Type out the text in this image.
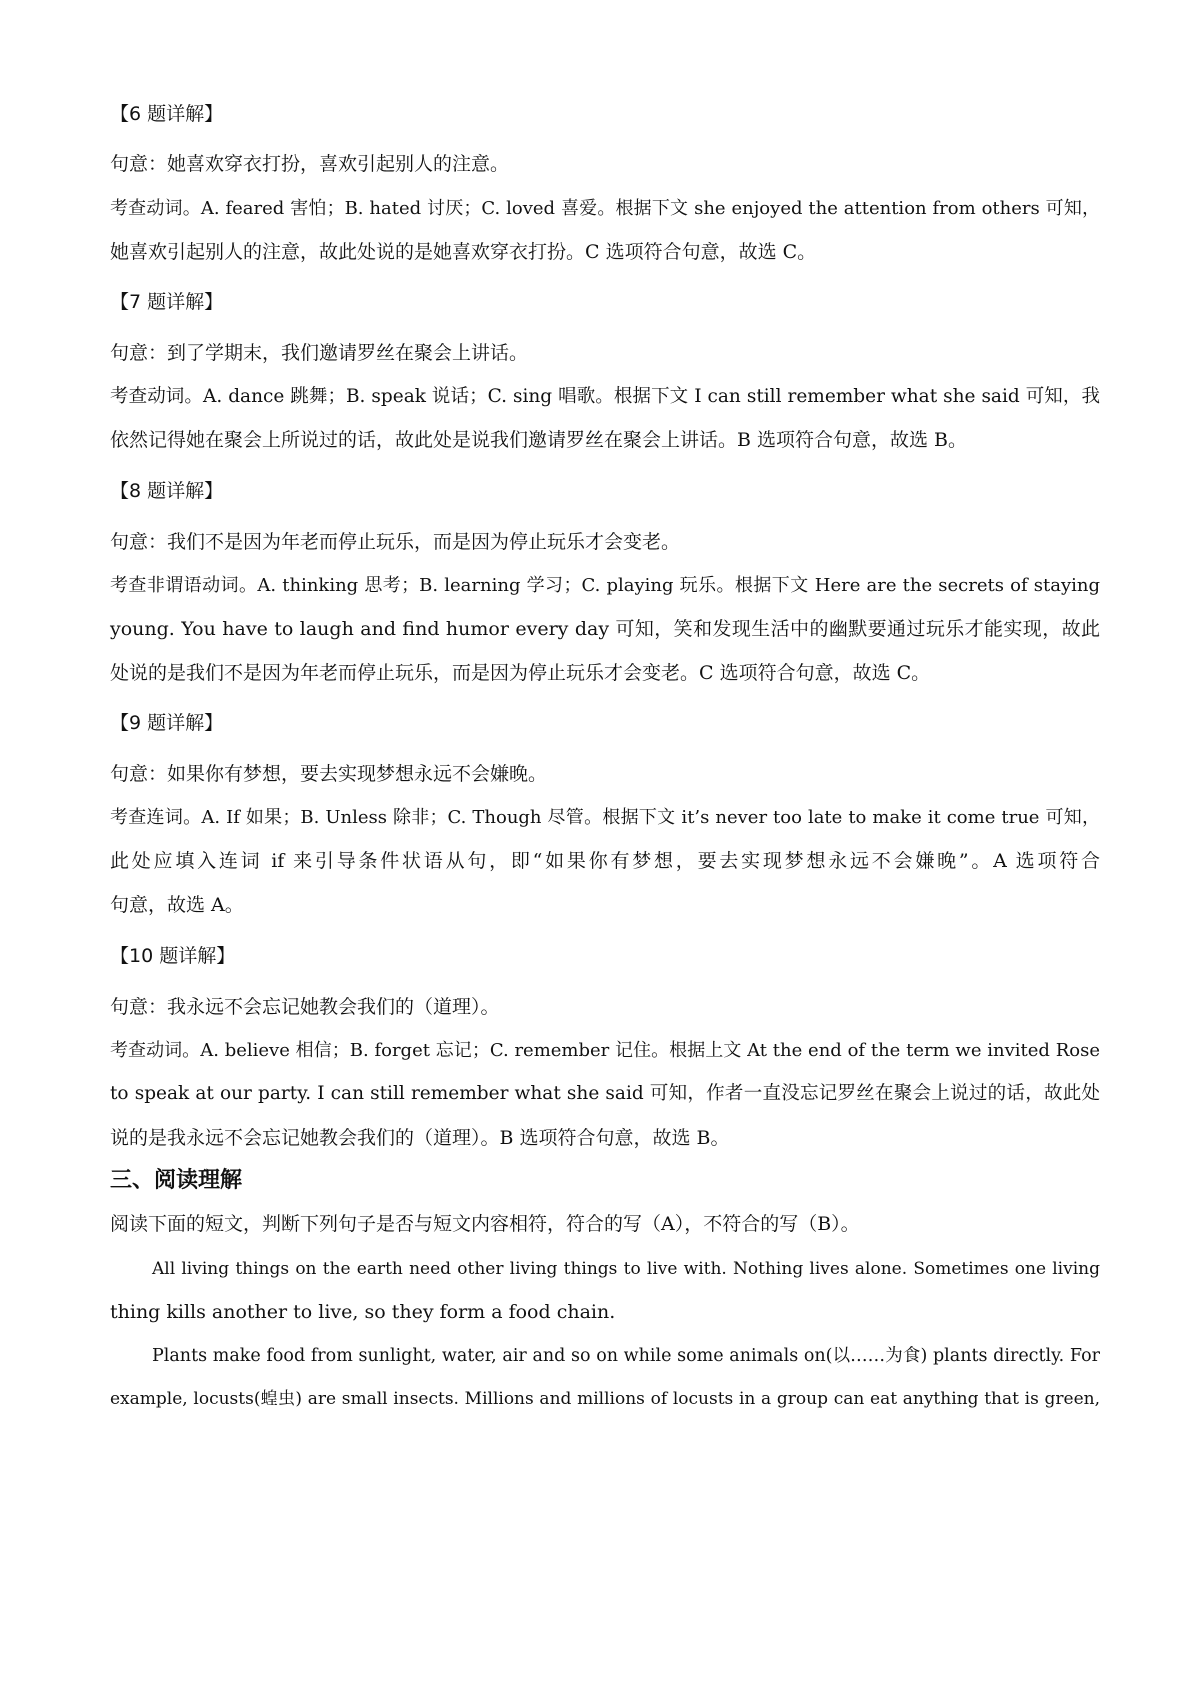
【6 题详解】
句意：她喜欢穿衣打扮，喜欢引起别人的注意。
考查动词。A. feared 害怕；B. hated 讨厌；C. loved 喜爱。根据下文 she enjoyed the attention from others 可知，
她喜欢引起别人的注意，故此处说的是她喜欢穿衣打扮。C 选项符合句意，故选 C。
【7 题详解】
句意：到了学期末，我们邀请罗丝在聚会上讲话。
考查动词。A. dance 跳舞；B. speak 说话；C. sing 唱歌。根据下文 I can still remember what she said 可知，我
依然记得她在聚会上所说过的话，故此处是说我们邀请罗丝在聚会上讲话。B 选项符合句意，故选 B。
【8 题详解】
句意：我们不是因为年老而停止玩乐，而是因为停止玩乐才会变老。
考查非谓语动词。A. thinking 思考；B. learning 学习；C. playing 玩乐。根据下文 Here are the secrets of staying
young. You have to laugh and find humor every day 可知，笑和发现生活中的幽默要通过玩乐才能实现，故此
处说的是我们不是因为年老而停止玩乐，而是因为停止玩乐才会变老。C 选项符合句意，故选 C。
【9 题详解】
句意：如果你有梦想，要去实现梦想永远不会嫌晚。
考查连词。A. If 如果；B. Unless 除非；C. Though 尽管。根据下文 it’s never too late to make it come true 可知，
此处应填入连词 if 来引导条件状语从句，即“如果你有梦想，要去实现梦想永远不会嫌晚”。A 选项符合
句意，故选 A。
【10 题详解】
句意：我永远不会忘记她教会我们的（道理）。
考查动词。A. believe 相信；B. forget 忘记；C. remember 记住。根据上文 At the end of the term we invited Rose
to speak at our party. I can still remember what she said 可知，作者一直没忘记罗丝在聚会上说过的话，故此处
说的是我永远不会忘记她教会我们的（道理）。B 选项符合句意，故选 B。
三、阅读理解
阅读下面的短文，判断下列句子是否与短文内容相符，符合的写（A），不符合的写（B）。
All living things on the earth need other living things to live with. Nothing lives alone. Sometimes one living
thing kills another to live, so they form a food chain.
Plants make food from sunlight, water, air and so on while some animals on(以……为食) plants directly. For
example, locusts(蝗虫) are small insects. Millions and millions of locusts in a group can eat anything that is green,
